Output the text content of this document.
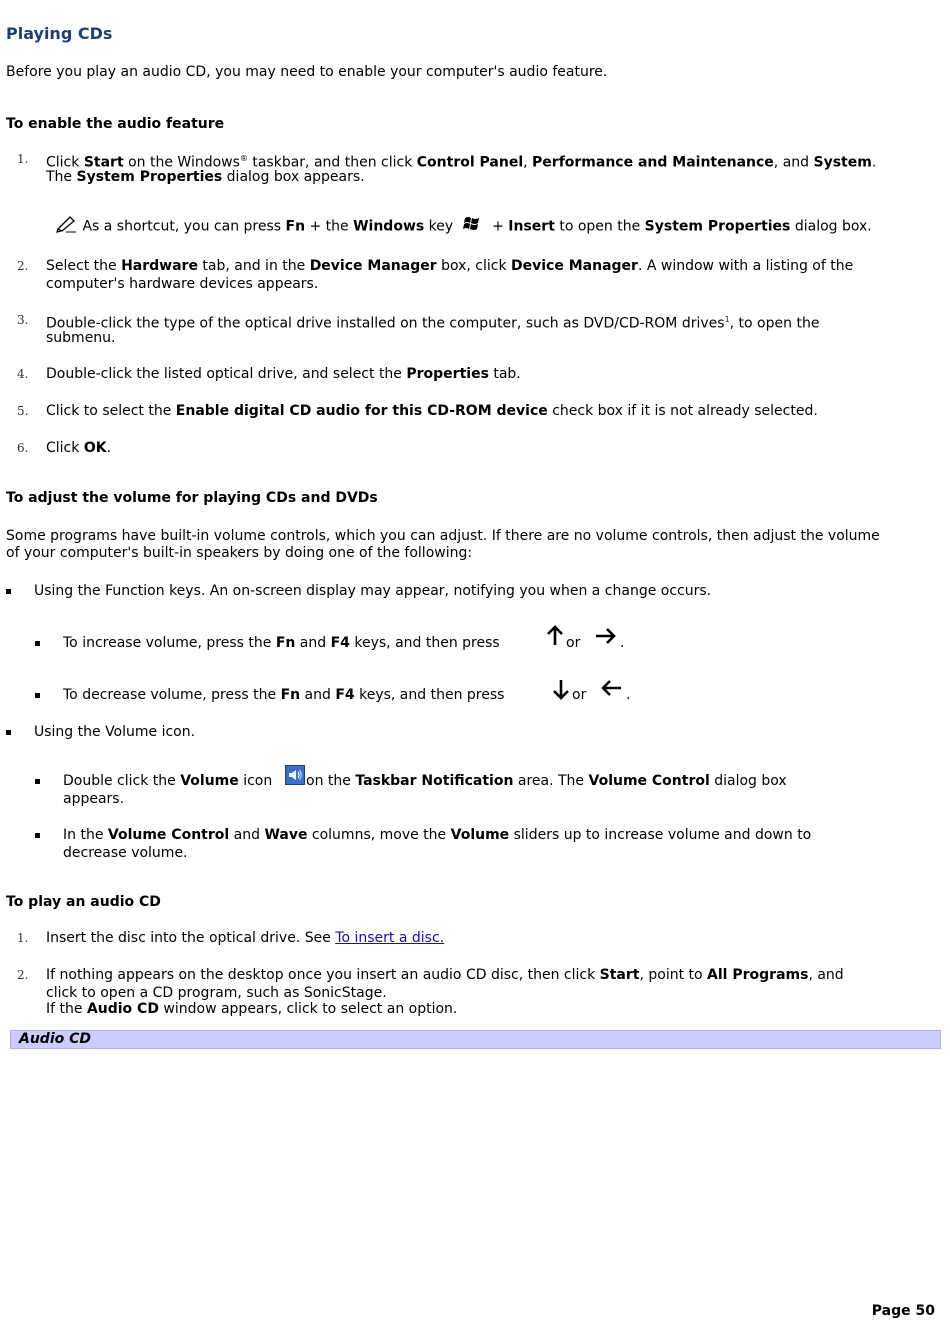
Playing CDs
Before you play an audio CD, you may need to enable your computer's audio feature.
To enable the audio feature
1. Click Start on the Windows® taskbar, and then click Control Panel, Performance and Maintenance, and System.
The System Properties dialog box appears.
As a shortcut, you can press Fn + the Windows key  + Insert to open the System Properties dialog box.
2. Select the Hardware tab, and in the Device Manager box, click Device Manager. A window with a listing of the
computer's hardware devices appears.
3. Double-click the type of the optical drive installed on the computer, such as DVD/CD-ROM drives$^1$, to open the
submenu.
4. Double-click the listed optical drive, and select the Properties tab.
5. Click to select the Enable digital CD audio for this CD-ROM device check box if it is not already selected.
6. Click OK.
To adjust the volume for playing CDs and DVDs
Some programs have built-in volume controls, which you can adjust. If there are no volume controls, then adjust the volume
of your computer's built-in speakers by doing one of the following:
Using the Function keys. An on-screen display may appear, notifying you when a change occurs.
To increase volume, press the Fn and F4 keys, and then press	or	.
To decrease volume, press the Fn and F4 keys, and then press	or	.
Using the Volume icon.
Double click the Volume icon on the Taskbar Notification area. The Volume Control dialog box
appears.
In the Volume Control and Wave columns, move the Volume sliders up to increase volume and down to
decrease volume.
To play an audio CD
1. Insert the disc into the optical drive. See To insert a disc.
2. If nothing appears on the desktop once you insert an audio CD disc, then click Start, point to All Programs, and
click to open a CD program, such as SonicStage.
If the Audio CD window appears, click to select an option.
Audio CD
Page 50
